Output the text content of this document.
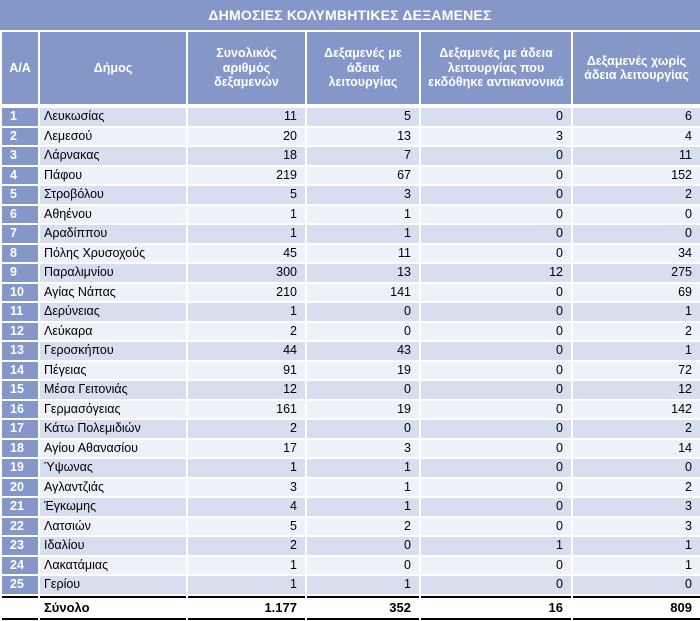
ΔΗΜΟΣΙΕΣ ΚΟΛΥΜΒΗΤΙΚΕΣ ΔΕΞΑΜΕΝΕΣ
A/A	Δήμος	Συνολικός αριθμός δεξαμενών	Δεξαμενές με άδεια λειτουργίας	Δεξαμενές με άδεια λειτουργίας που εκδόθηκε αντικανονικά	Δεξαμενές χωρίς άδεια λειτουργίας
1	Λευκωσίας	11	5	0	6
2	Λεμεσού	20	13	3	4
3	Λάρνακας	18	7	0	11
4	Πάφου	219	67	0	152
5	Στροβόλου	5	3	0	2
6	Αθηένου	1	1	0	0
7	Αραδίππου	1	1	0	0
8	Πόλης Χρυσοχούς	45	11	0	34
9	Παραλιμνίου	300	13	12	275
10	Αγίας Νάπας	210	141	0	69
11	Δερύνειας	1	0	0	1
12	Λεύκαρα	2	0	0	2
13	Γεροσκήπου	44	43	0	1
14	Πέγειας	91	19	0	72
15	Μέσα Γειτονιάς	12	0	0	12
16	Γερμασόγειας	161	19	0	142
17	Κάτω Πολεμιδιών	2	0	0	2
18	Αγίου Αθανασίου	17	3	0	14
19	Ύψωνας	1	1	0	0
20	Αγλαντζιάς	3	1	0	2
21	Έγκωμης	4	1	0	3
22	Λατσιών	5	2	0	3
23	Ιδαλίου	2	0	1	1
24	Λακατάμιας	1	0	0	1
25	Γερίου	1	1	0	0
	Σύνολο	1.177	352	16	809
